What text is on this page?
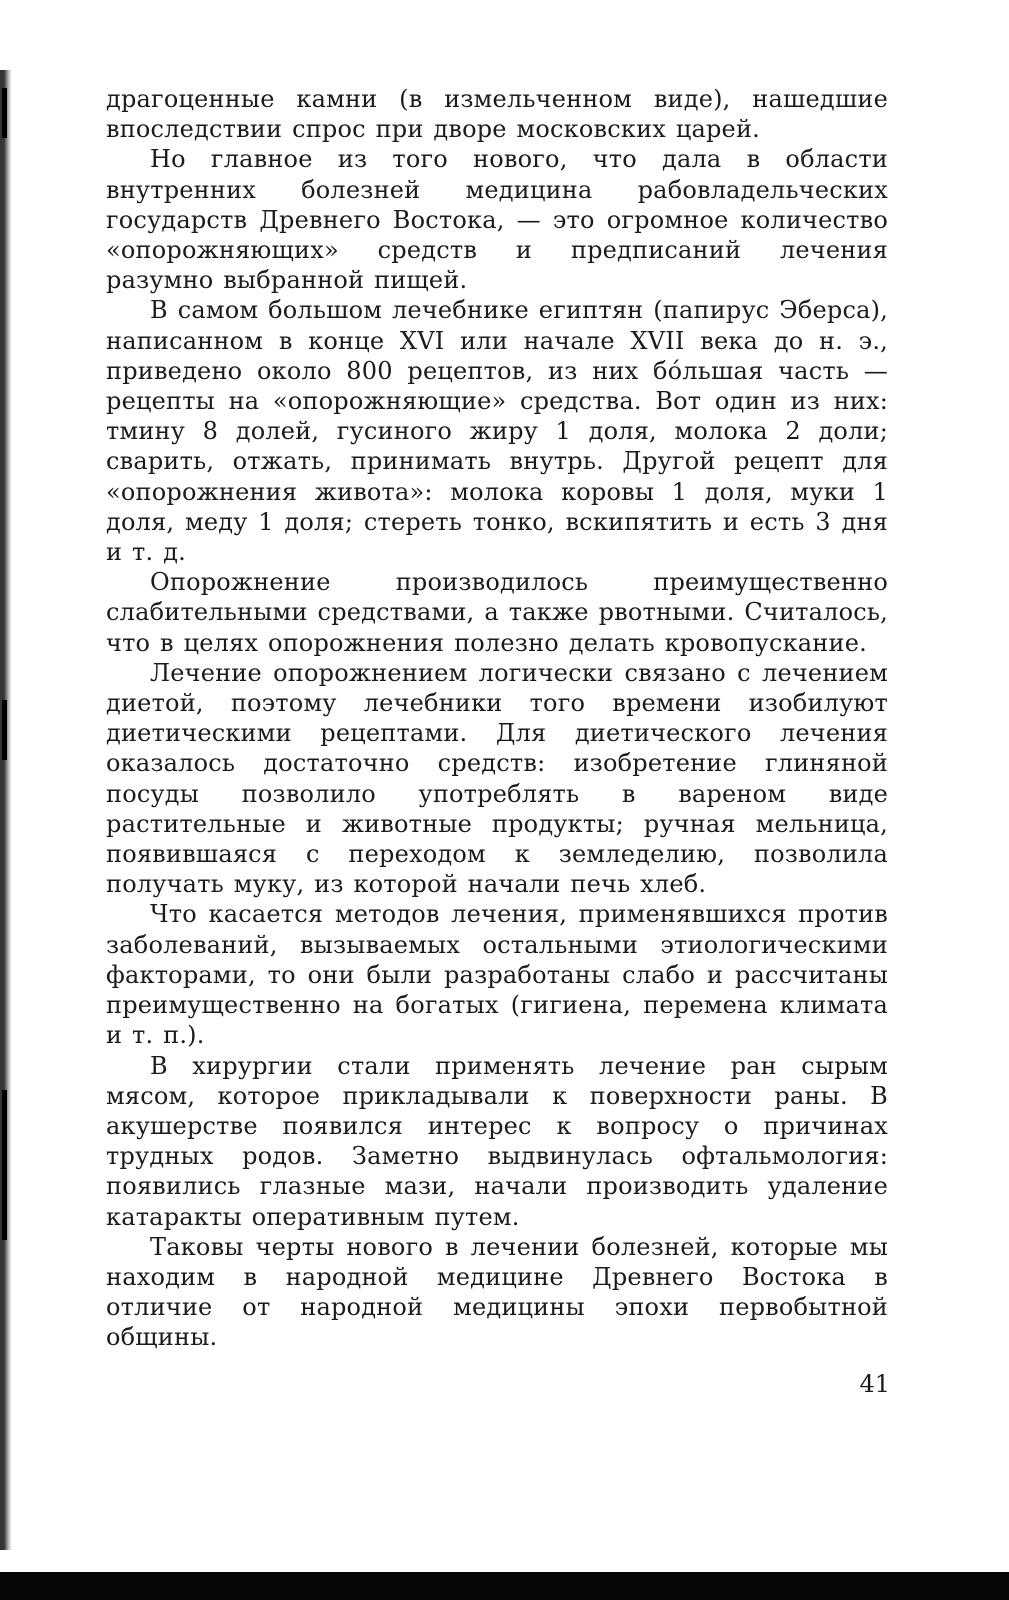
драгоценные камни (в измельченном виде), нашедшие впоследствии спрос при дворе московских царей.

Но главное из того нового, что дала в области внутренних болезней медицина рабовладельческих государств Древнего Востока, — это огромное количество «опорожняющих» средств и предписаний лечения разумно выбранной пищей.

В самом большом лечебнике египтян (папирус Эберса), написанном в конце XVI или начале XVII века до н. э., приведено около 800 рецептов, из них бо́льшая часть — рецепты на «опорожняющие» средства. Вот один из них: тмину 8 долей, гусиного жиру 1 доля, молока 2 доли; сварить, отжать, принимать внутрь. Другой рецепт для «опорожнения живота»: молока коровы 1 доля, муки 1 доля, меду 1 доля; стереть тонко, вскипятить и есть 3 дня и т. д.

Опорожнение производилось преимущественно слабительными средствами, а также рвотными. Считалось, что в целях опорожнения полезно делать кровопускание.

Лечение опорожнением логически связано с лечением диетой, поэтому лечебники того времени изобилуют диетическими рецептами. Для диетического лечения оказалось достаточно средств: изобретение глиняной посуды позволило употреблять в вареном виде растительные и животные продукты; ручная мельница, появившаяся с переходом к земледелию, позволила получать муку, из которой начали печь хлеб.

Что касается методов лечения, применявшихся против заболеваний, вызываемых остальными этиологическими факторами, то они были разработаны слабо и рассчитаны преимущественно на богатых (гигиена, перемена климата и т. п.).

В хирургии стали применять лечение ран сырым мясом, которое прикладывали к поверхности раны. В акушерстве появился интерес к вопросу о причинах трудных родов. Заметно выдвинулась офтальмология: появились глазные мази, начали производить удаление катаракты оперативным путем.

Таковы черты нового в лечении болезней, которые мы находим в народной медицине Древнего Востока в отличие от народной медицины эпохи первобытной общины.

41
